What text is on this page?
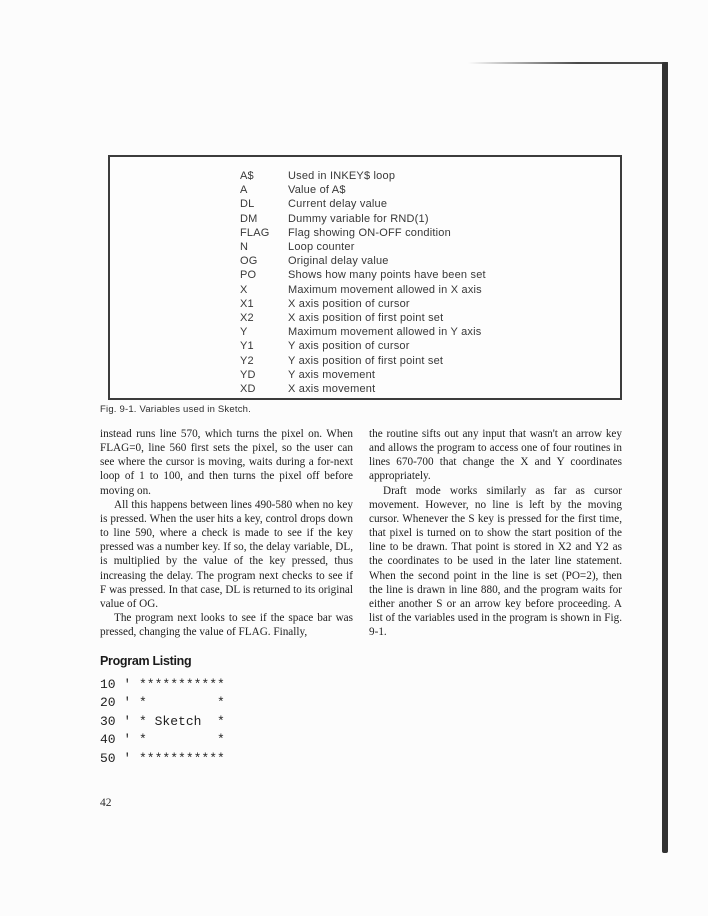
A$	Used in INKEY$ loop
A	Value of A$
DL	Current delay value
DM	Dummy variable for RND(1)
FLAG	Flag showing ON-OFF condition
N	Loop counter
OG	Original delay value
PO	Shows how many points have been set
X	Maximum movement allowed in X axis
X1	X axis position of cursor
X2	X axis position of first point set
Y	Maximum movement allowed in Y axis
Y1	Y axis position of cursor
Y2	Y axis position of first point set
YD	Y axis movement
XD	X axis movement
Fig. 9-1. Variables used in Sketch.

instead runs line 570, which turns the pixel on. When FLAG=0, line 560 first sets the pixel, so the user can see where the cursor is moving, waits during a for-next loop of 1 to 100, and then turns the pixel off before moving on.

All this happens between lines 490-580 when no key is pressed. When the user hits a key, control drops down to line 590, where a check is made to see if the key pressed was a number key. If so, the delay variable, DL, is multiplied by the value of the key pressed, thus increasing the delay. The program next checks to see if F was pressed. In that case, DL is returned to its original value of OG.

The program next looks to see if the space bar was pressed, changing the value of FLAG. Finally,

the routine sifts out any input that wasn't an arrow key and allows the program to access one of four routines in lines 670-700 that change the X and Y coordinates appropriately.

Draft mode works similarly as far as cursor movement. However, no line is left by the moving cursor. Whenever the S key is pressed for the first time, that pixel is turned on to show the start position of the line to be drawn. That point is stored in X2 and Y2 as the coordinates to be used in the later line statement. When the second point in the line is set (PO=2), then the line is drawn in line 880, and the program waits for either another S or an arrow key before proceeding. A list of the variables used in the program is shown in Fig. 9-1.

Program Listing
10 ' ***********
20 ' *         *
30 ' * Sketch  *
40 ' *         *
50 ' ***********
42
